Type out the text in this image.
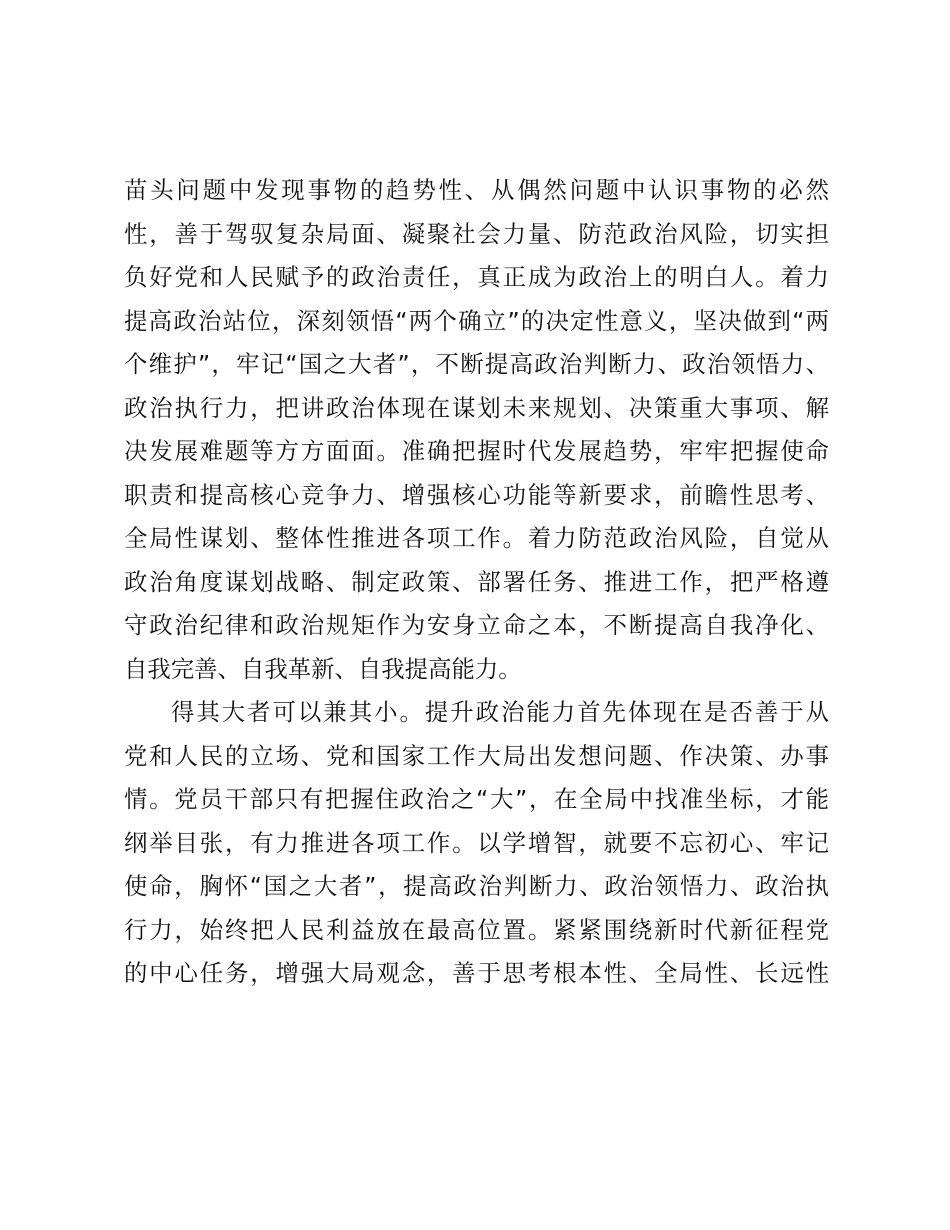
苗头问题中发现事物的趋势性、从偶然问题中认识事物的必然
性，善于驾驭复杂局面、凝聚社会力量、防范政治风险，切实担
负好党和人民赋予的政治责任，真正成为政治上的明白人。着力
提高政治站位，深刻领悟“两个确立”的决定性意义，坚决做到“两
个维护”，牢记“国之大者”，不断提高政治判断力、政治领悟力、
政治执行力，把讲政治体现在谋划未来规划、决策重大事项、解
决发展难题等方方面面。准确把握时代发展趋势，牢牢把握使命
职责和提高核心竞争力、增强核心功能等新要求，前瞻性思考、
全局性谋划、整体性推进各项工作。着力防范政治风险，自觉从
政治角度谋划战略、制定政策、部署任务、推进工作，把严格遵
守政治纪律和政治规矩作为安身立命之本，不断提高自我净化、
自我完善、自我革新、自我提高能力。
得其大者可以兼其小。提升政治能力首先体现在是否善于从
党和人民的立场、党和国家工作大局出发想问题、作决策、办事
情。党员干部只有把握住政治之“大”，在全局中找准坐标，才能
纲举目张，有力推进各项工作。以学增智，就要不忘初心、牢记
使命，胸怀“国之大者”，提高政治判断力、政治领悟力、政治执
行力，始终把人民利益放在最高位置。紧紧围绕新时代新征程党
的中心任务，增强大局观念，善于思考根本性、全局性、长远性
